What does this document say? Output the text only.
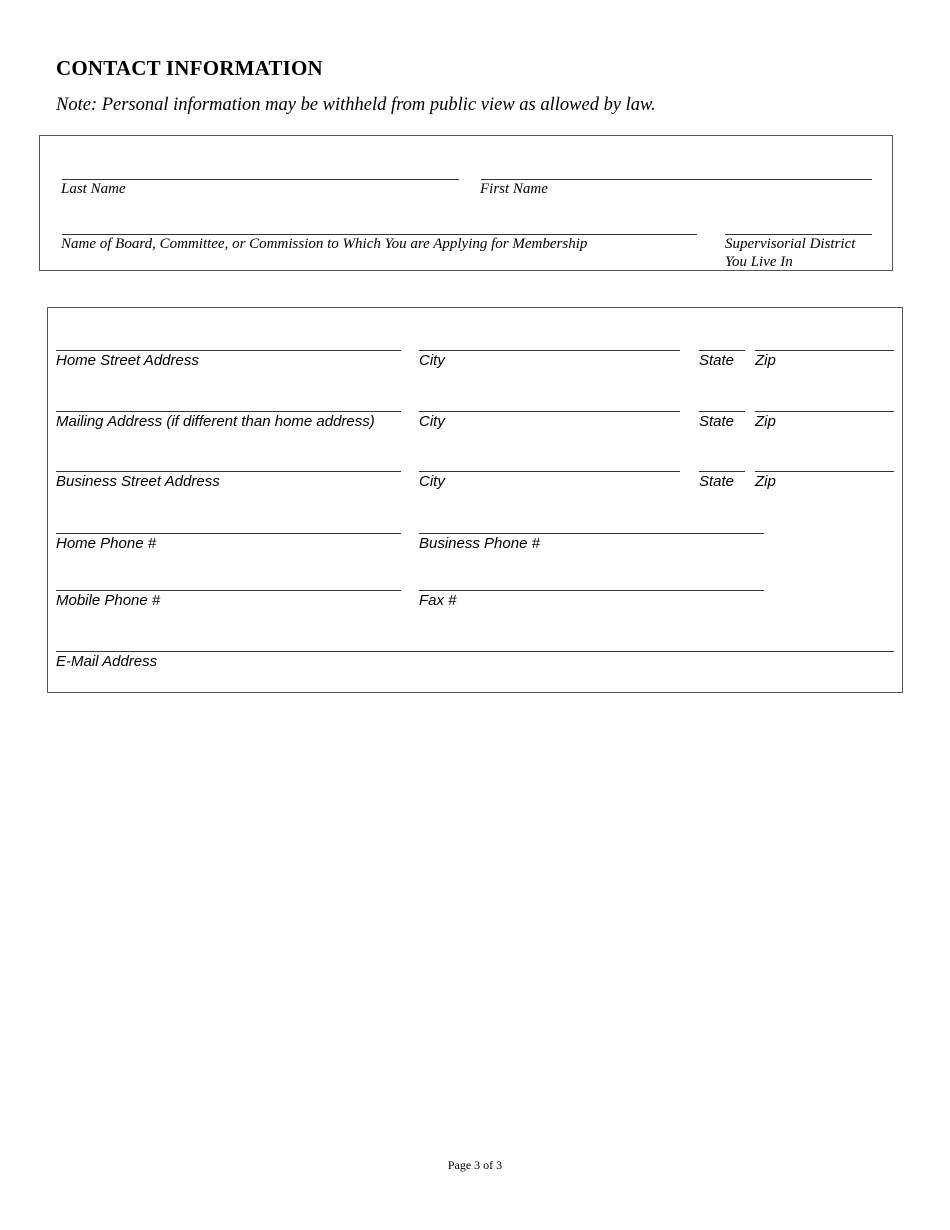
CONTACT INFORMATION
Note: Personal information may be withheld from public view as allowed by law.
Last Name	First Name
Name of Board, Committee, or Commission to Which You are Applying for Membership	Supervisorial District
You Live In
Home Street Address	City	State Zip
Mailing Address (if different than home address)	City	State Zip
Business Street Address	City	State Zip
Home Phone #	Business Phone #
Mobile Phone #	Fax #
E-Mail Address
Page 3 of 3
